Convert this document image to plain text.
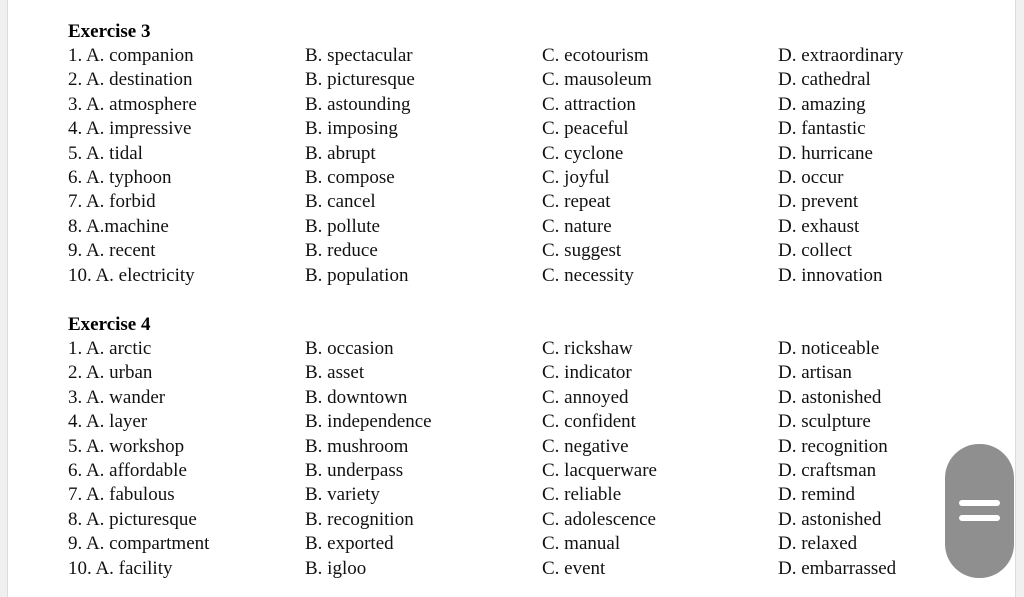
Exercise 3
1. A. companion	B. spectacular	C. ecotourism	D. extraordinary
2. A. destination	B. picturesque	C. mausoleum	D. cathedral
3. A. atmosphere	B. astounding	C. attraction	D. amazing
4. A. impressive	B. imposing	C. peaceful	D. fantastic
5. A. tidal	B. abrupt	C. cyclone	D. hurricane
6. A. typhoon	B. compose	C. joyful	D. occur
7. A. forbid	B. cancel	C. repeat	D. prevent
8. A.machine	B. pollute	C. nature	D. exhaust
9. A. recent	B. reduce	C. suggest	D. collect
10. A. electricity	B. population	C. necessity	D. innovation
Exercise 4
1. A. arctic	B. occasion	C. rickshaw	D. noticeable
2. A. urban	B. asset	C. indicator	D. artisan
3. A. wander	B. downtown	C. annoyed	D. astonished
4. A. layer	B. independence	C. confident	D. sculpture
5. A. workshop	B. mushroom	C. negative	D. recognition
6. A. affordable	B. underpass	C. lacquerware	D. craftsman
7. A. fabulous	B. variety	C. reliable	D. remind
8. A. picturesque	B. recognition	C. adolescence	D. astonished
9. A. compartment	B. exported	C. manual	D. relaxed
10. A. facility	B. igloo	C. event	D. embarrassed
